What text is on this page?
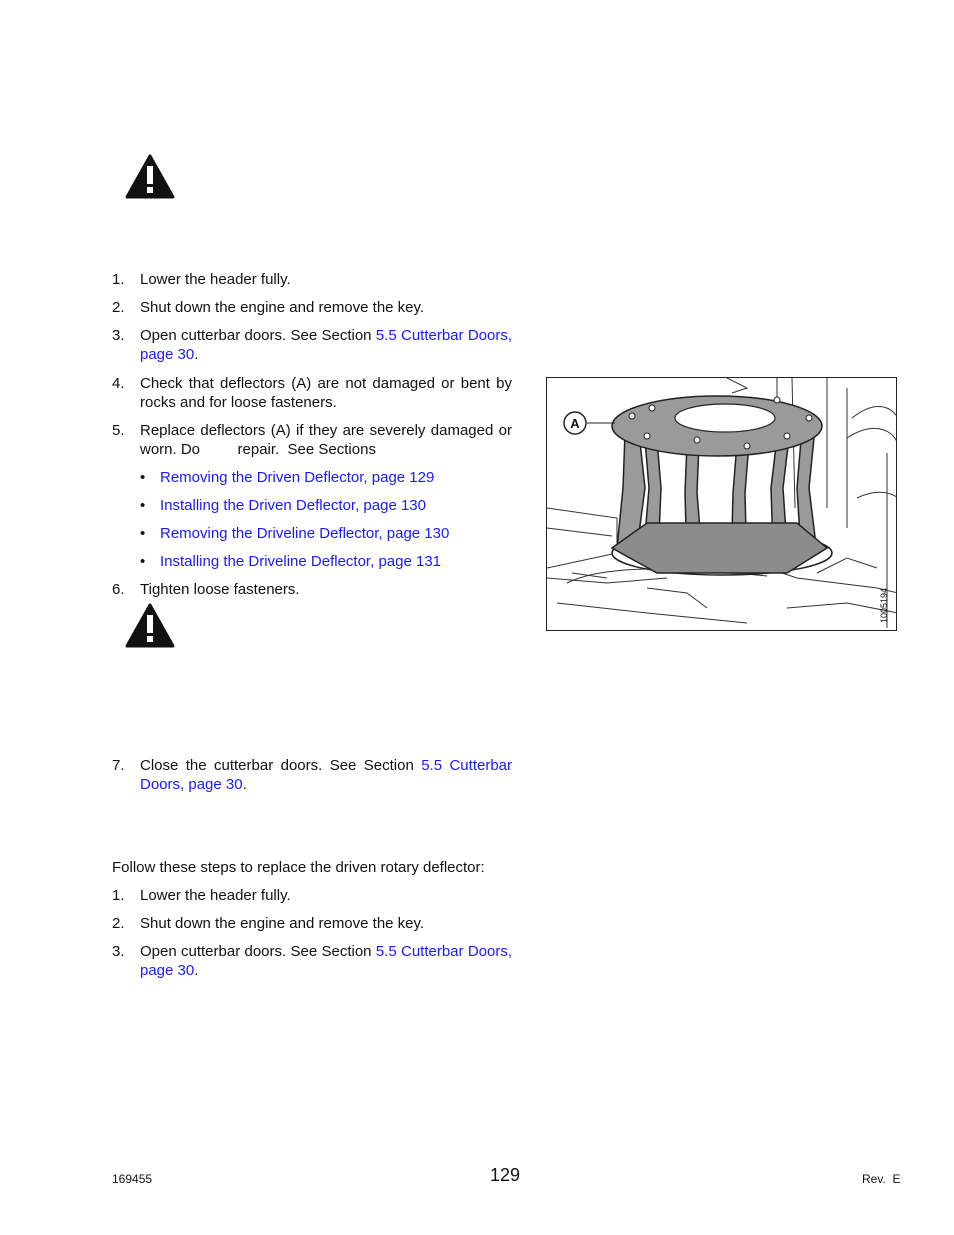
1.	Lower the header fully.
2.	Shut down the engine and remove the key.
3.	Open cutterbar doors. See Section 5.5 Cutterbar Doors, page 30.
4.	Check that deflectors (A) are not damaged or bent by rocks and for loose fasteners.
5.	Replace deflectors (A) if they are severely damaged or worn. Do         repair.  See Sections
• Removing the Driven Deflector, page 129
• Installing the Driven Deflector, page 130
• Removing the Driveline Deflector, page 130
• Installing the Driveline Deflector, page 131
6.	Tighten loose fasteners.
7.	Close the cutterbar doors. See Section 5.5 Cutterbar Doors, page 30.
Follow these steps to replace the driven rotary deflector:
1.	Lower the header fully.
2.	Shut down the engine and remove the key.
3.	Open cutterbar doors. See Section 5.5 Cutterbar Doors, page 30.
A
1005194
169455	129	Rev.  E
